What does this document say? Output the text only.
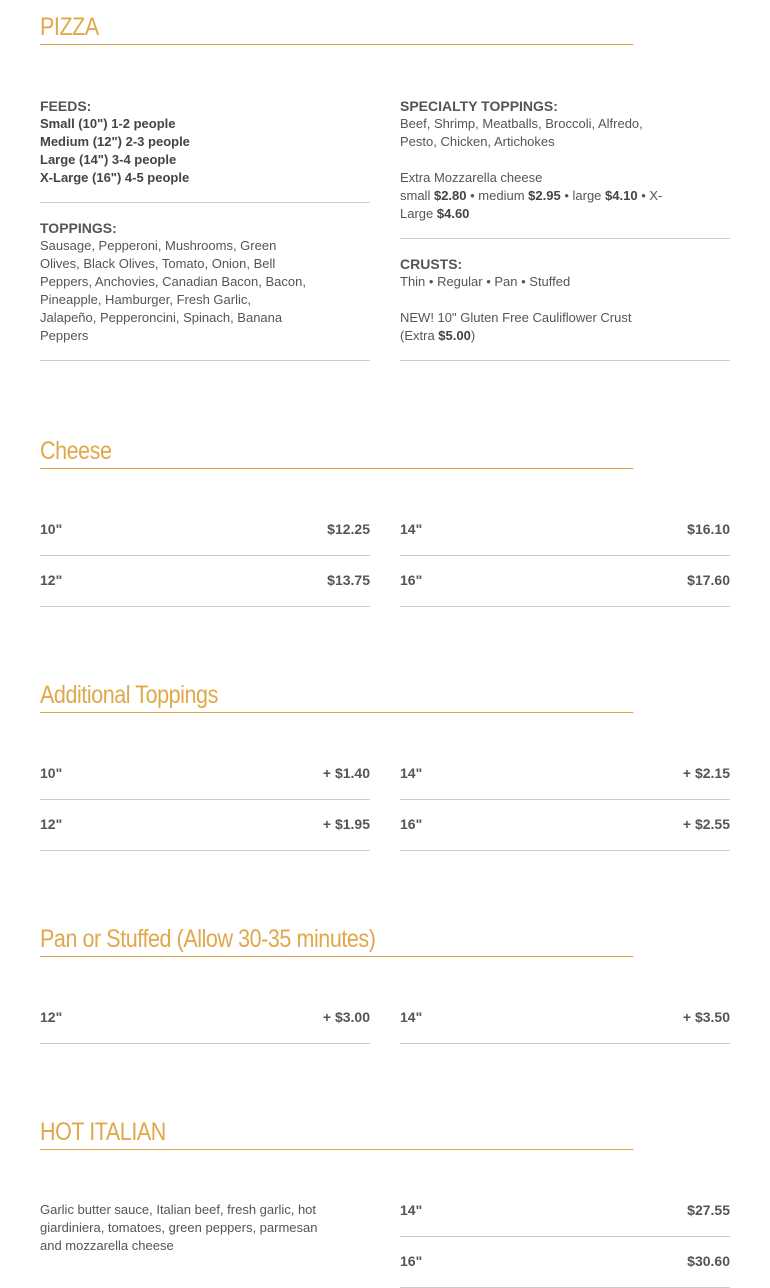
PIZZA
FEEDS:
Small (10") 1-2 people
Medium (12") 2-3 people
Large (14") 3-4 people
X-Large (16") 4-5 people
TOPPINGS:
Sausage, Pepperoni, Mushrooms, Green Olives, Black Olives, Tomato, Onion, Bell Peppers, Anchovies, Canadian Bacon, Bacon, Pineapple, Hamburger, Fresh Garlic, Jalapeño, Pepperoncini, Spinach, Banana Peppers
SPECIALTY TOPPINGS:
Beef, Shrimp, Meatballs, Broccoli, Alfredo, Pesto, Chicken, Artichokes
Extra Mozzarella cheese
small $2.80 • medium $2.95 • large $4.10 • X-Large $4.60
CRUSTS:
Thin • Regular • Pan • Stuffed
NEW! 10" Gluten Free Cauliflower Crust
(Extra $5.00)
Cheese
10"	$12.25 14"	$16.10
12"	$13.75 16"	$17.60
Additional Toppings
10"	+ $1.40 14"	+ $2.15
12"	+ $1.95 16"	+ $2.55
Pan or Stuffed (Allow 30-35 minutes)
12"	+ $3.00 14"	+ $3.50
HOT ITALIAN
Garlic butter sauce, Italian beef, fresh garlic, hot giardiniera, tomatoes, green peppers, parmesan and mozzarella cheese
14"	$27.55
16"	$30.60
